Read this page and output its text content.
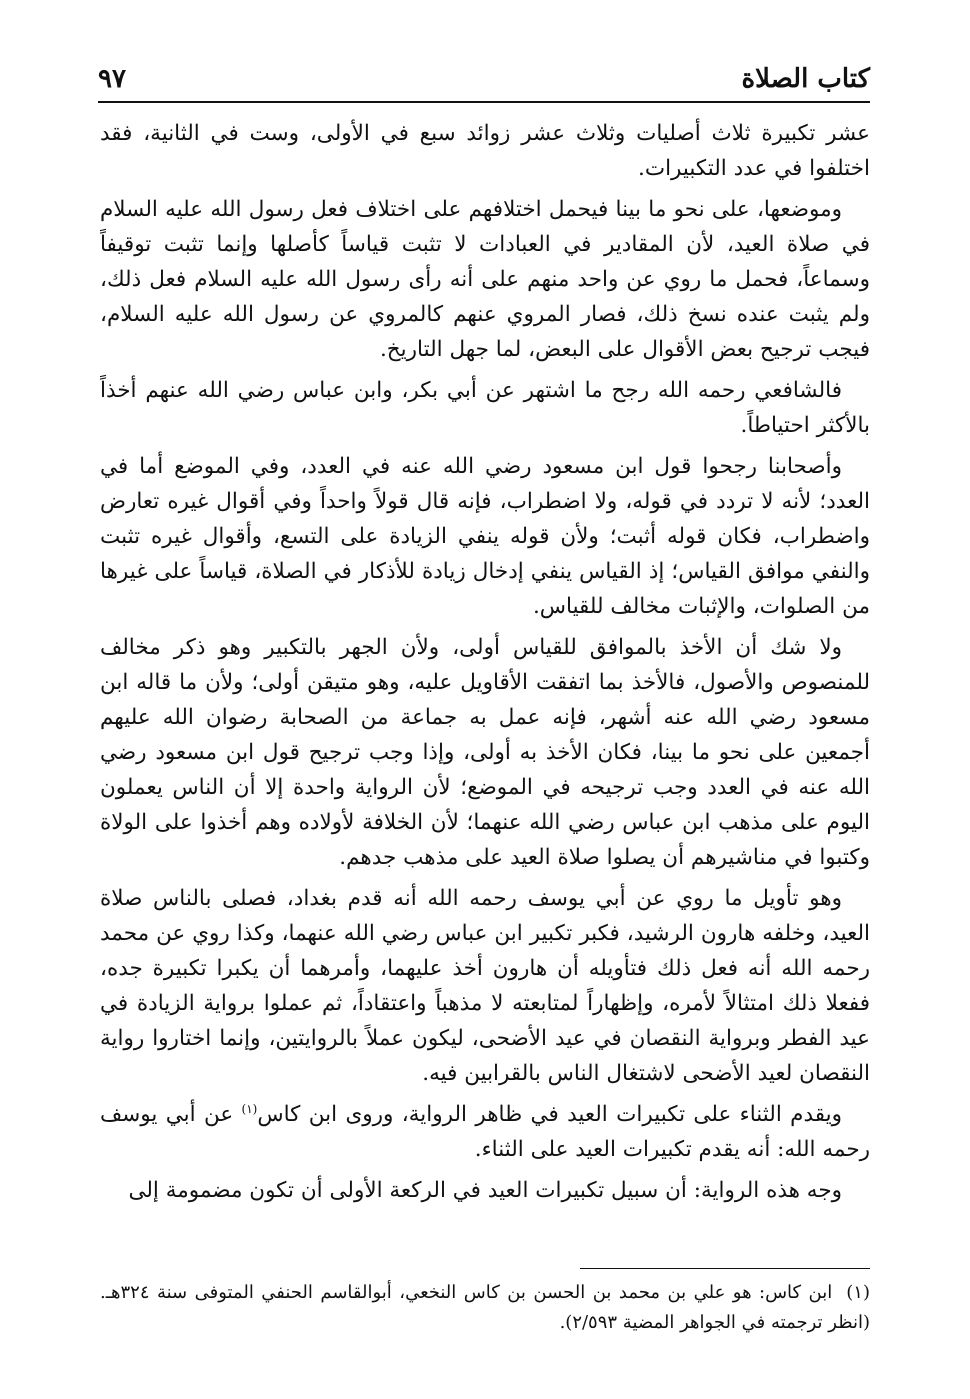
كتاب الصلاة
٩٧

عشر تكبيرة ثلاث أصليات وثلاث عشر زوائد سبع في الأولى، وست في الثانية، فقد اختلفوا في عدد التكبيرات.

وموضعها، على نحو ما بينا فيحمل اختلافهم على اختلاف فعل رسول الله عليه السلام في صلاة العيد، لأن المقادير في العبادات لا تثبت قياساً كأصلها وإنما تثبت توقيفاً وسماعاً، فحمل ما روي عن واحد منهم على أنه رأى رسول الله عليه السلام فعل ذلك، ولم يثبت عنده نسخ ذلك، فصار المروي عنهم كالمروي عن رسول الله عليه السلام، فيجب ترجيح بعض الأقوال على البعض، لما جهل التاريخ.

فالشافعي رحمه الله رجح ما اشتهر عن أبي بكر، وابن عباس رضي الله عنهم أخذاً بالأكثر احتياطاً.

وأصحابنا رجحوا قول ابن مسعود رضي الله عنه في العدد، وفي الموضع أما في العدد؛ لأنه لا تردد في قوله، ولا اضطراب، فإنه قال قولاً واحداً وفي أقوال غيره تعارض واضطراب، فكان قوله أثبت؛ ولأن قوله ينفي الزيادة على التسع، وأقوال غيره تثبت والنفي موافق القياس؛ إذ القياس ينفي إدخال زيادة للأذكار في الصلاة، قياساً على غيرها من الصلوات، والإثبات مخالف للقياس.

ولا شك أن الأخذ بالموافق للقياس أولى، ولأن الجهر بالتكبير وهو ذكر مخالف للمنصوص والأصول، فالأخذ بما اتفقت الأقاويل عليه، وهو متيقن أولى؛ ولأن ما قاله ابن مسعود رضي الله عنه أشهر، فإنه عمل به جماعة من الصحابة رضوان الله عليهم أجمعين على نحو ما بينا، فكان الأخذ به أولى، وإذا وجب ترجيح قول ابن مسعود رضي الله عنه في العدد وجب ترجيحه في الموضع؛ لأن الرواية واحدة إلا أن الناس يعملون اليوم على مذهب ابن عباس رضي الله عنهما؛ لأن الخلافة لأولاده وهم أخذوا على الولاة وكتبوا في مناشيرهم أن يصلوا صلاة العيد على مذهب جدهم.

وهو تأويل ما روي عن أبي يوسف رحمه الله أنه قدم بغداد، فصلى بالناس صلاة العيد، وخلفه هارون الرشيد، فكبر تكبير ابن عباس رضي الله عنهما، وكذا روي عن محمد رحمه الله أنه فعل ذلك فتأويله أن هارون أخذ عليهما، وأمرهما أن يكبرا تكبيرة جده، ففعلا ذلك امتثالاً لأمره، وإظهاراً لمتابعته لا مذهباً واعتقاداً، ثم عملوا برواية الزيادة في عيد الفطر وبرواية النقصان في عيد الأضحى، ليكون عملاً بالروايتين، وإنما اختاروا رواية النقصان لعيد الأضحى لاشتغال الناس بالقرابين فيه.

ويقدم الثناء على تكبيرات العيد في ظاهر الرواية، وروى ابن كاس$^{(١)}$ عن أبي يوسف رحمه الله: أنه يقدم تكبيرات العيد على الثناء.

وجه هذه الرواية: أن سبيل تكبيرات العيد في الركعة الأولى أن تكون مضمومة إلى

(١)ابن كاس: هو علي بن محمد بن الحسن بن كاس النخعي، أبوالقاسم الحنفي المتوفى سنة ٣٢٤هـ. (انظر ترجمته في الجواهر المضية ٢/٥٩٣).
